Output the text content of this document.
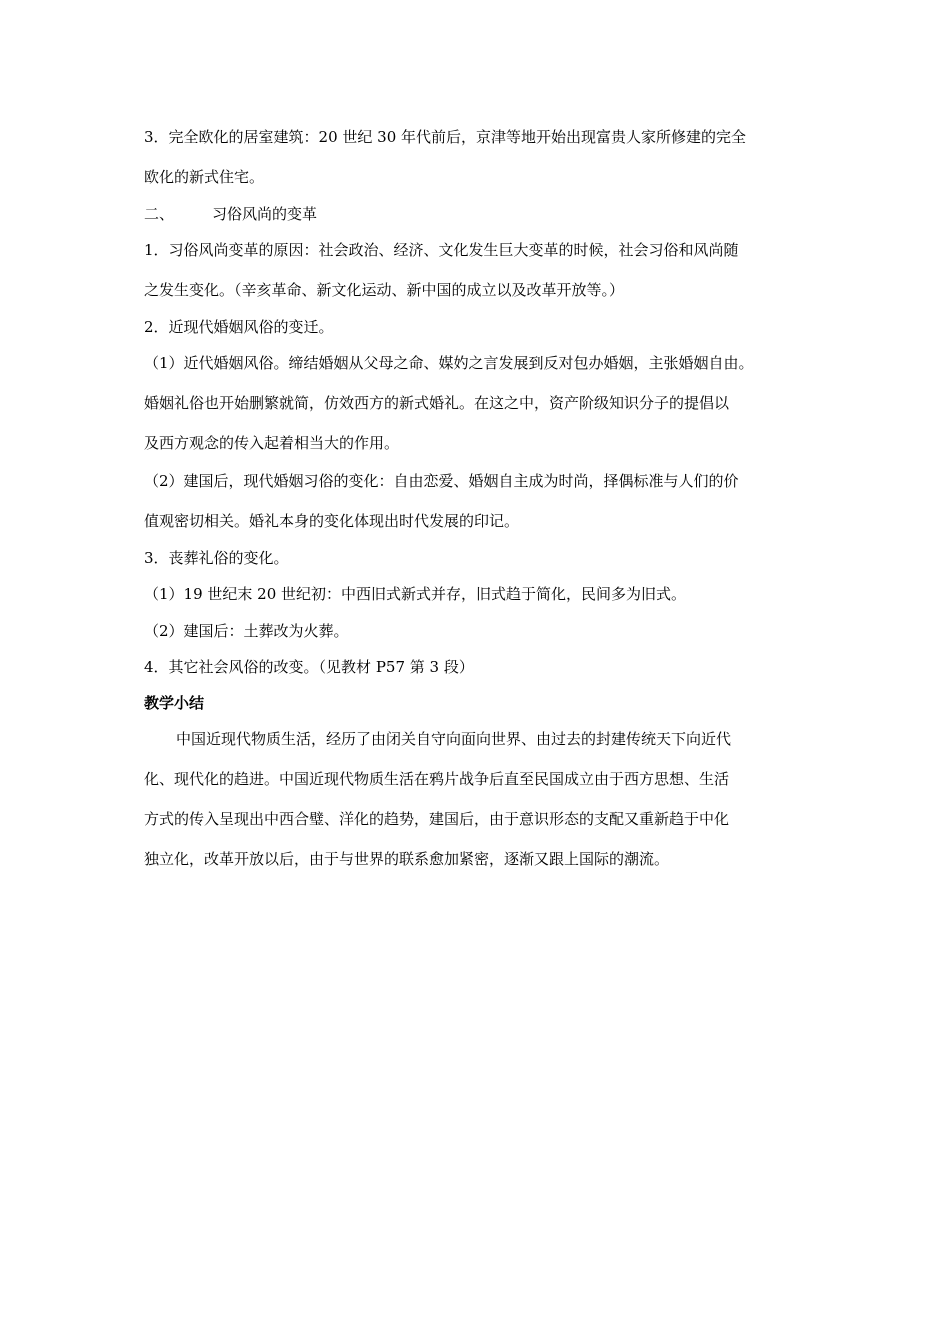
3．完全欧化的居室建筑：20 世纪 30 年代前后，京津等地开始出现富贵人家所修建的完全
欧化的新式住宅。
二、	习俗风尚的变革
1．习俗风尚变革的原因：社会政治、经济、文化发生巨大变革的时候，社会习俗和风尚随
之发生变化。（辛亥革命、新文化运动、新中国的成立以及改革开放等。）
2．近现代婚姻风俗的变迁。
（1）近代婚姻风俗。缔结婚姻从父母之命、媒妁之言发展到反对包办婚姻，主张婚姻自由。
婚姻礼俗也开始删繁就简，仿效西方的新式婚礼。在这之中，资产阶级知识分子的提倡以
及西方观念的传入起着相当大的作用。
（2）建国后，现代婚姻习俗的变化：自由恋爱、婚姻自主成为时尚，择偶标准与人们的价
值观密切相关。婚礼本身的变化体现出时代发展的印记。
3．丧葬礼俗的变化。
（1）19 世纪末 20 世纪初：中西旧式新式并存，旧式趋于简化，民间多为旧式。
（2）建国后：土葬改为火葬。
4．其它社会风俗的改变。（见教材 P57 第 3 段）
教学小结
中国近现代物质生活，经历了由闭关自守向面向世界、由过去的封建传统天下向近代
化、现代化的趋进。中国近现代物质生活在鸦片战争后直至民国成立由于西方思想、生活
方式的传入呈现出中西合璧、洋化的趋势，建国后，由于意识形态的支配又重新趋于中化
独立化，改革开放以后，由于与世界的联系愈加紧密，逐渐又跟上国际的潮流。
